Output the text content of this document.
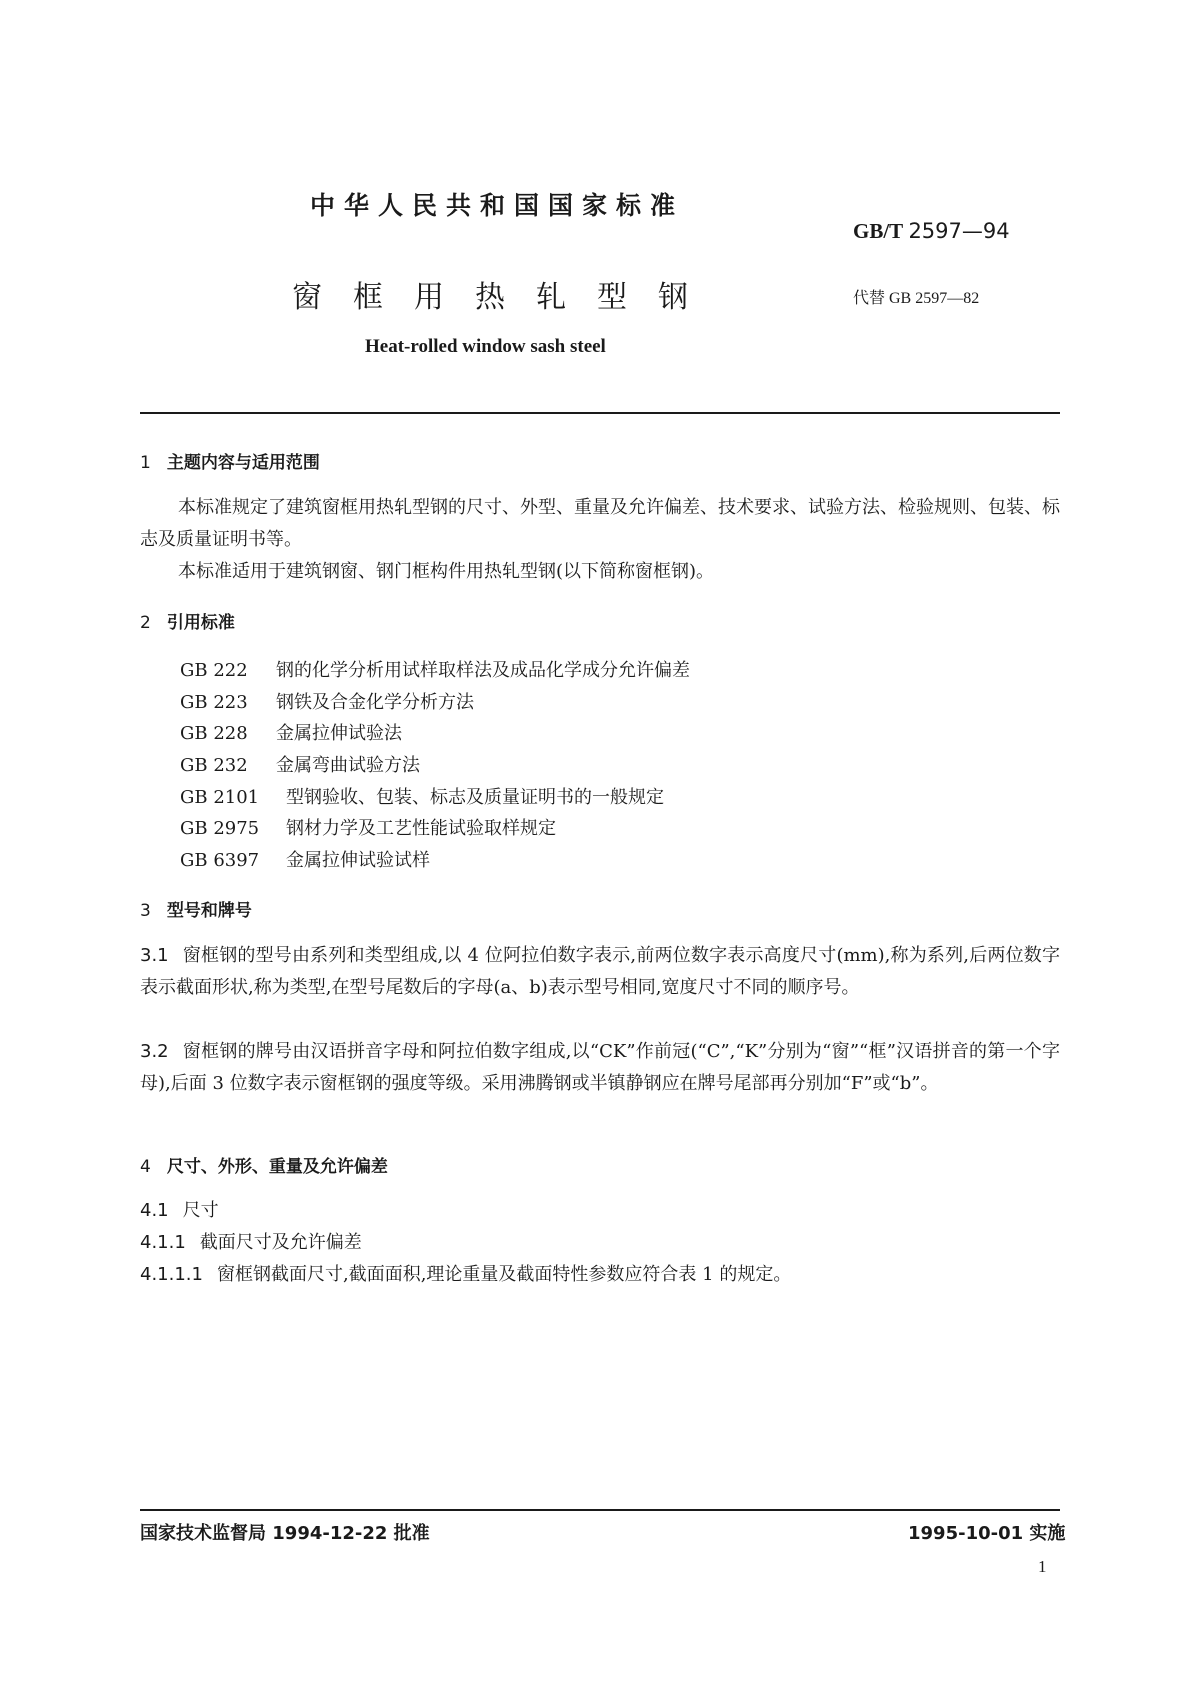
中华人民共和国国家标准
GB/T 2597—94
窗框用热轧型钢	代替 GB 2597—82
Heat-rolled window sash steel
1 主题内容与适用范围
本标准规定了建筑窗框用热轧型钢的尺寸、外型、重量及允许偏差、技术要求、试验方法、检验规则、包装、标志及质量证明书等。
本标准适用于建筑钢窗、钢门框构件用热轧型钢(以下简称窗框钢)。
2 引用标准
GB 222 钢的化学分析用试样取样法及成品化学成分允许偏差
GB 223 钢铁及合金化学分析方法
GB 228 金属拉伸试验法
GB 232 金属弯曲试验方法
GB 2101 型钢验收、包装、标志及质量证明书的一般规定
GB 2975 钢材力学及工艺性能试验取样规定
GB 6397 金属拉伸试验试样
3 型号和牌号
3.1 窗框钢的型号由系列和类型组成,以 4 位阿拉伯数字表示,前两位数字表示高度尺寸(mm),称为系列,后两位数字表示截面形状,称为类型,在型号尾数后的字母(a、b)表示型号相同,宽度尺寸不同的顺序号。
3.2 窗框钢的牌号由汉语拼音字母和阿拉伯数字组成,以“CK”作前冠(“C”,“K”分别为“窗”“框”汉语拼音的第一个字母),后面 3 位数字表示窗框钢的强度等级。采用沸腾钢或半镇静钢应在牌号尾部再分别加“F”或“b”。
4 尺寸、外形、重量及允许偏差
4.1 尺寸
4.1.1 截面尺寸及允许偏差
4.1.1.1 窗框钢截面尺寸,截面面积,理论重量及截面特性参数应符合表 1 的规定。
国家技术监督局 1994-12-22 批准	1995-10-01 实施
1
